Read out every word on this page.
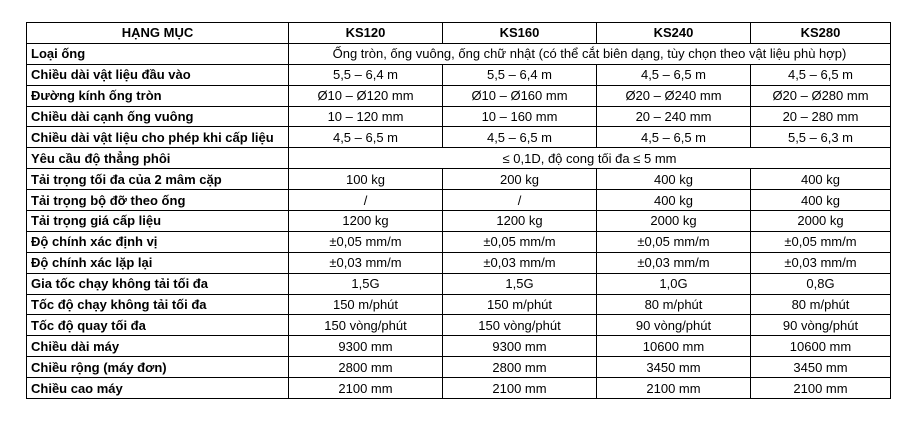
HẠNG MỤC	KS120	KS160	KS240	KS280
Loại ống	Ống tròn, ống vuông, ống chữ nhật (có thể cắt biên dạng, tùy chọn theo vật liệu phù hợp)			
Chiều dài vật liệu đầu vào	5,5 – 6,4 m	5,5 – 6,4 m	4,5 – 6,5 m	4,5 – 6,5 m
Đường kính ống tròn	Ø10 – Ø120 mm	Ø10 – Ø160 mm	Ø20 – Ø240 mm	Ø20 – Ø280 mm
Chiều dài cạnh ống vuông	10 – 120 mm	10 – 160 mm	20 – 240 mm	20 – 280 mm
Chiều dài vật liệu cho phép khi cấp liệu	4,5 – 6,5 m	4,5 – 6,5 m	4,5 – 6,5 m	5,5 – 6,3 m
Yêu cầu độ thẳng phôi	≤ 0,1D, độ cong tối đa ≤ 5 mm			
Tải trọng tối đa của 2 mâm cặp	100 kg	200 kg	400 kg	400 kg
Tải trọng bộ đỡ theo ống	/	/	400 kg	400 kg
Tải trọng giá cấp liệu	1200 kg	1200 kg	2000 kg	2000 kg
Độ chính xác định vị	±0,05 mm/m	±0,05 mm/m	±0,05 mm/m	±0,05 mm/m
Độ chính xác lặp lại	±0,03 mm/m	±0,03 mm/m	±0,03 mm/m	±0,03 mm/m
Gia tốc chạy không tải tối đa	1,5G	1,5G	1,0G	0,8G
Tốc độ chạy không tải tối đa	150 m/phút	150 m/phút	80 m/phút	80 m/phút
Tốc độ quay tối đa	150 vòng/phút	150 vòng/phút	90 vòng/phút	90 vòng/phút
Chiều dài máy	9300 mm	9300 mm	10600 mm	10600 mm
Chiều rộng (máy đơn)	2800 mm	2800 mm	3450 mm	3450 mm
Chiều cao máy	2100 mm	2100 mm	2100 mm	2100 mm
